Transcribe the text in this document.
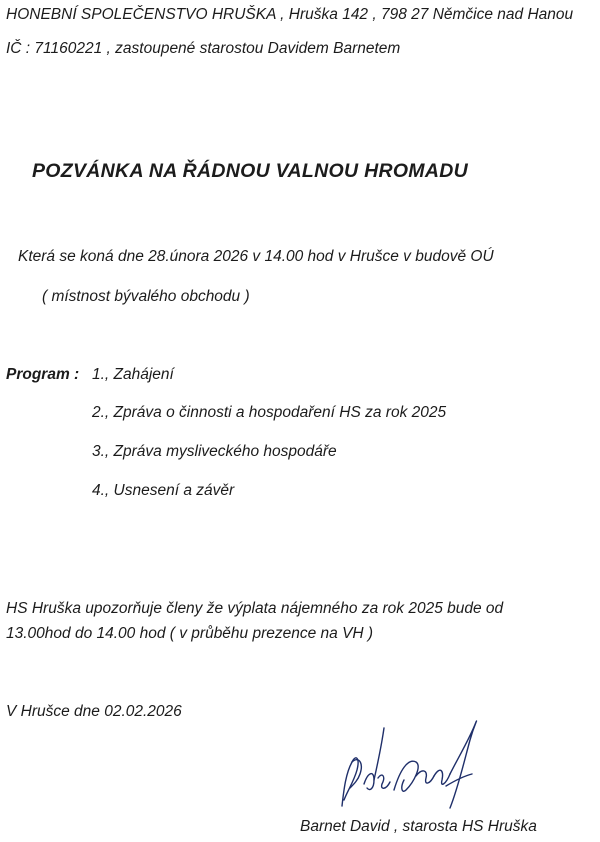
HONEBNÍ SPOLEČENSTVO HRUŠKA , Hruška 142 , 798 27 Němčice nad Hanou
IČ : 71160221 , zastoupené starostou Davidem Barnetem
POZVÁNKA NA ŘÁDNOU VALNOU HROMADU
Která se koná dne 28.února 2026 v 14.00 hod v Hrušce v budově OÚ
( místnost bývalého obchodu )
Program : 1., Zahájení
2., Zpráva o činnosti a hospodaření HS za rok 2025
3., Zpráva mysliveckého hospodáře
4., Usnesení a závěr
HS Hruška upozorňuje členy že výplata nájemného za rok 2025 bude od
13.00hod do 14.00 hod ( v průběhu prezence na VH )
V Hrušce dne 02.02.2026
Barnet David , starosta HS Hruška
